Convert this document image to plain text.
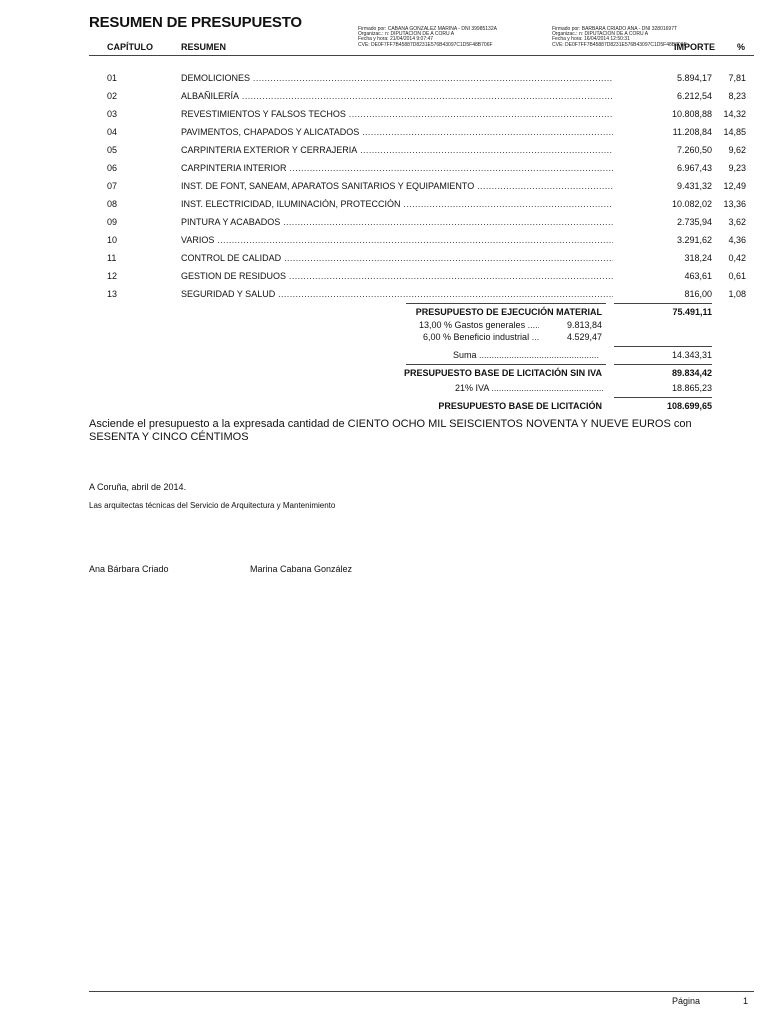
RESUMEN DE PRESUPUESTO	Firmado por: CABANA GONZALEZ MARINA - DNI 39985132A
Organizac.: n: DIPUTACION DE A CORU A
Fecha y hora: 21/04/2014 9:07:47
CVE: DE0F7FF7B45887D8231E576B43097C1D5F48B706F
Firmado por: BARBARA CRIADO ANA - DNI 32801697T
Organizac.: n: DIPUTACION DE A CORU A
Fecha y hora: 16/04/2014 12:50:31
CVE: DE0F7FF7B45887D8231E576B43097C1D5F48B706F
CAPÍTULO	RESUMEN	IMPORTE %
01	DEMOLICIONES .....	5.894,17	7,81
02	ALBAÑILERÍA .....	6.212,54	8,23
03	REVESTIMIENTOS Y FALSOS TECHOS .....	10.808,88	14,32
04	PAVIMENTOS, CHAPADOS Y ALICATADOS .....	11.208,84	14,85
05	CARPINTERIA EXTERIOR Y CERRAJERIA .....	7.260,50	9,62
06	CARPINTERIA INTERIOR .....	6.967,43	9,23
07	INST. DE FONT, SANEAM, APARATOS SANITARIOS Y EQUIPAMIENTO .....	9.431,32	12,49
08	INST. ELECTRICIDAD, ILUMINACIÓN, PROTECCIÓN .....	10.082,02	13,36
09	PINTURA Y ACABADOS .....	2.735,94	3,62
10	VARIOS .....	3.291,62	4,36
11	CONTROL DE CALIDAD .....	318,24	0,42
12	GESTION DE RESIDUOS .....	463,61	0,61
13	SEGURIDAD Y SALUD .....	816,00	1,08
PRESUPUESTO DE EJECUCIÓN MATERIAL	75.491,11
13,00 % Gastos generales .....	9.813,84
6,00 % Beneficio industrial .....	4.529,47
Suma .....	14.343,31
PRESUPUESTO BASE DE LICITACIÓN SIN IVA	89.834,42
21% IVA .....	18.865,23
PRESUPUESTO BASE DE LICITACIÓN	108.699,65
Asciende el presupuesto a la expresada cantidad de CIENTO OCHO MIL SEISCIENTOS NOVENTA Y NUEVE EUROS con SESENTA Y CINCO CÉNTIMOS
A Coruña, abril de 2014.
Las arquitectas técnicas del Servicio de Arquitectura y Mantenimiento
Ana Bárbara Criado	Marina Cabana González
Página	1
